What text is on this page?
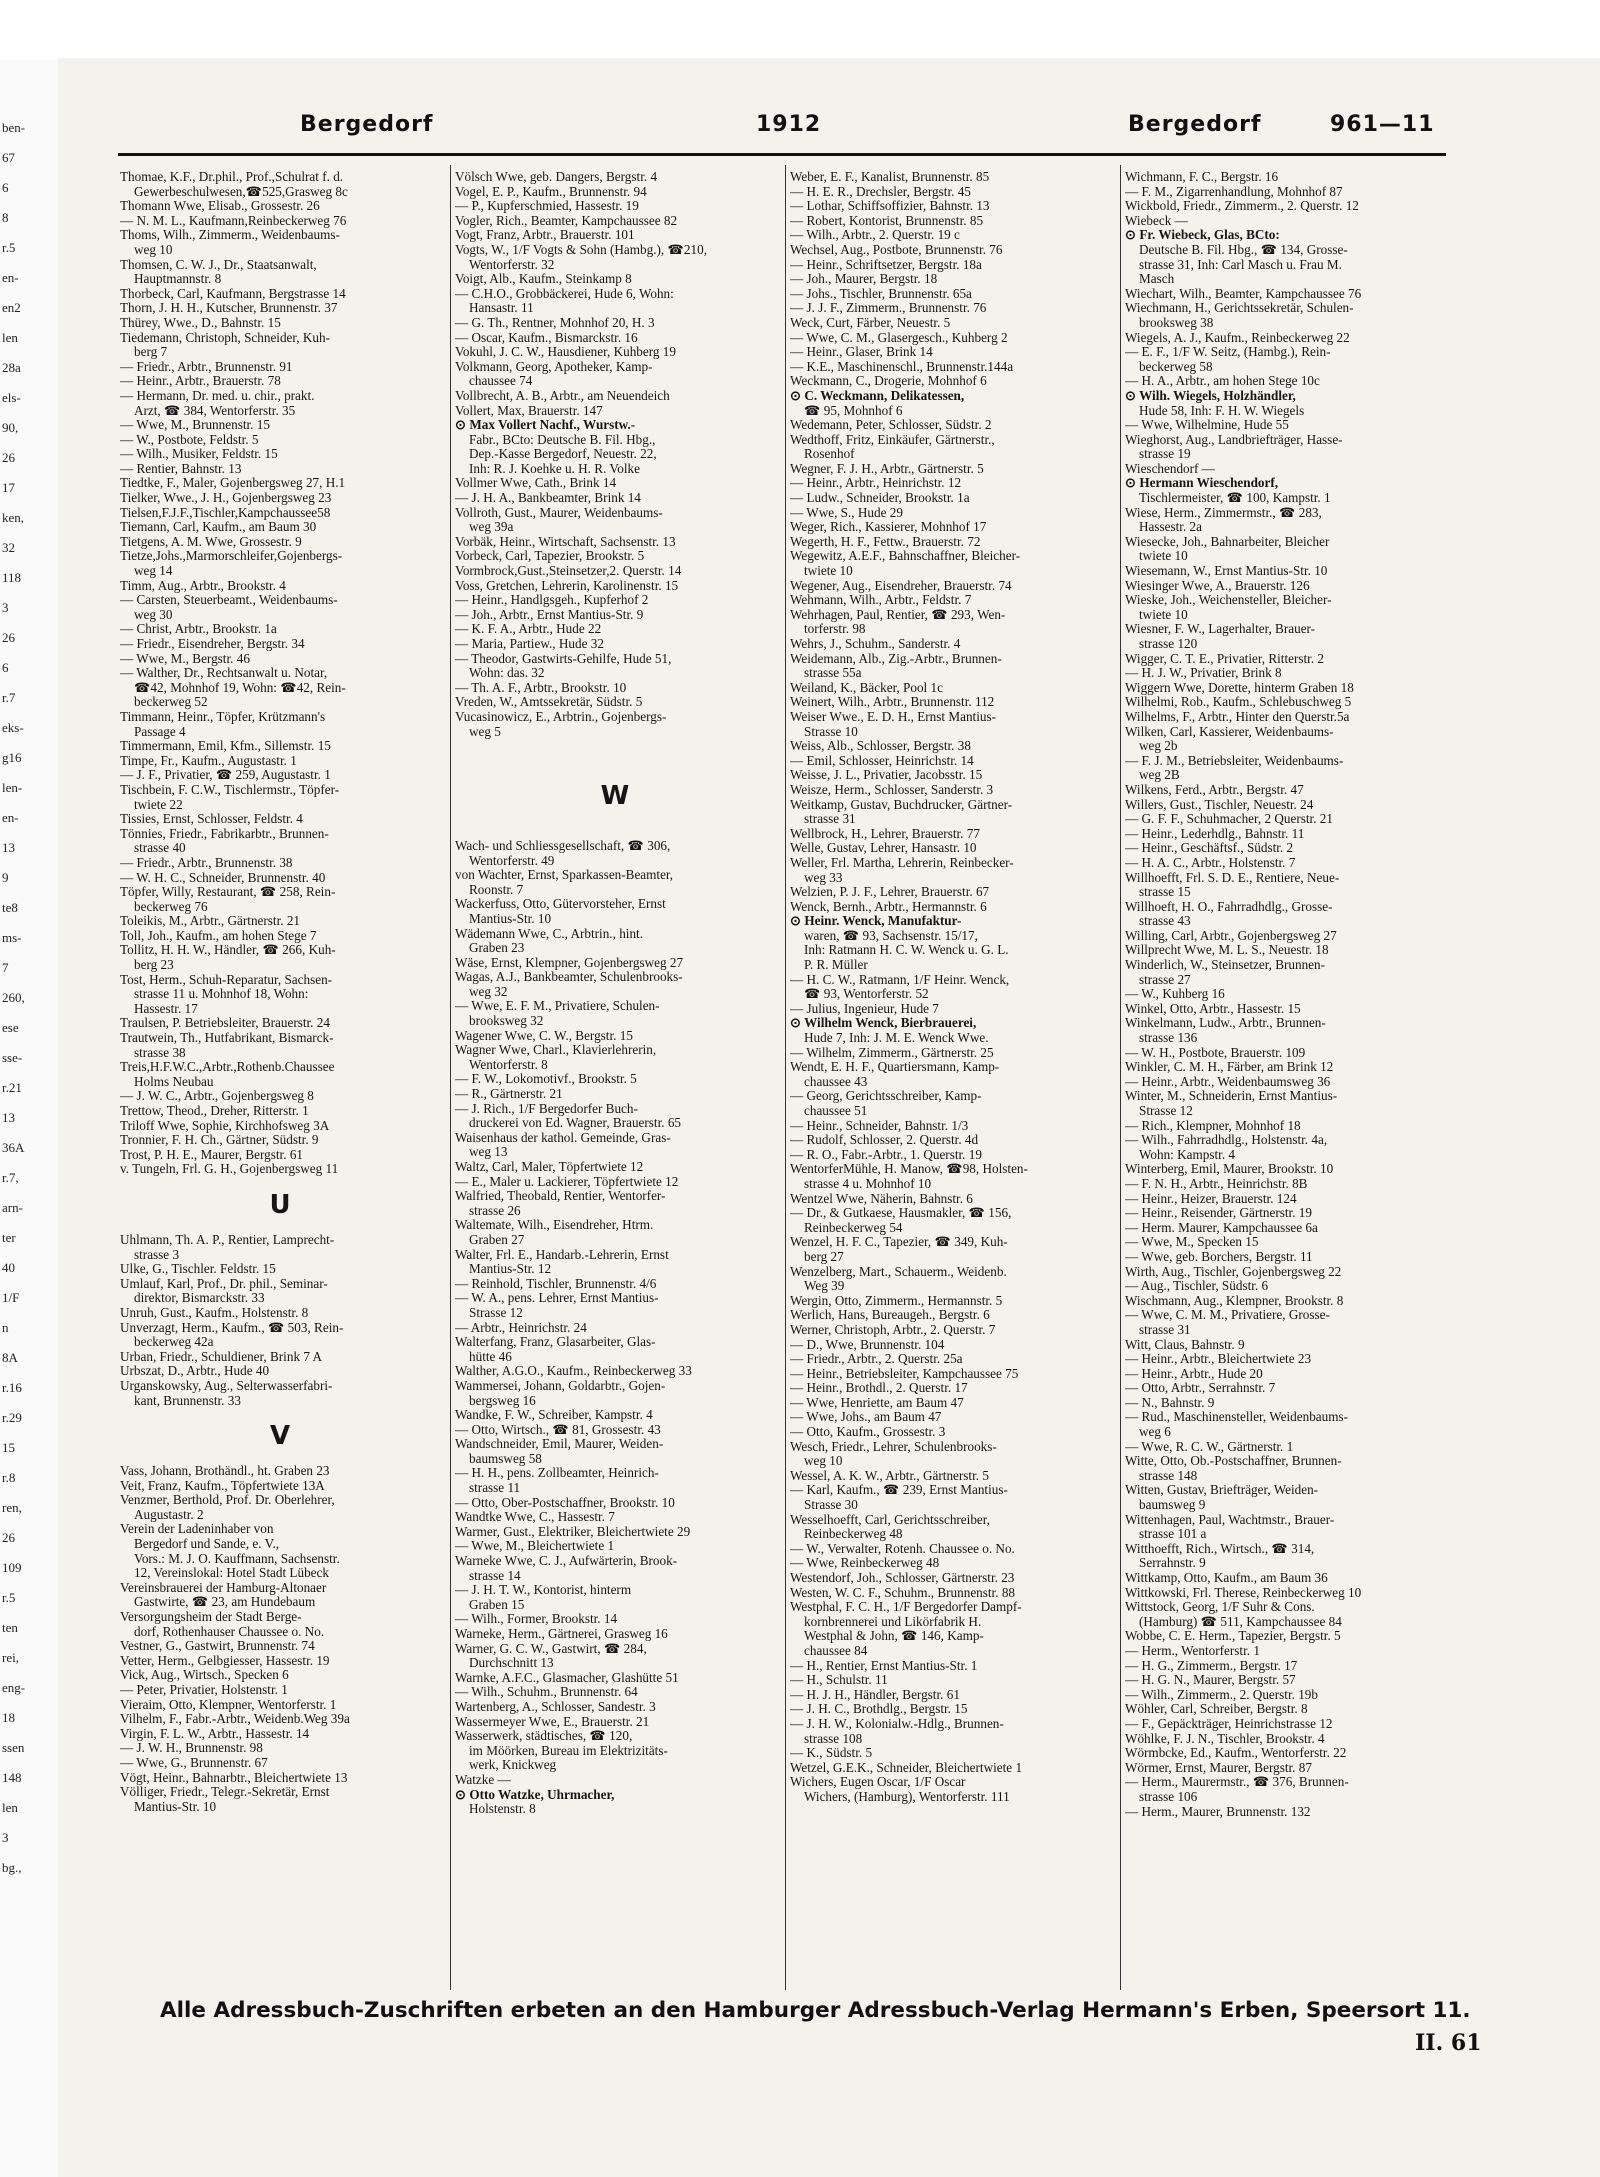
ben-
67
6
8
r.5
en-
en2
len
28a
els-
90,
26
17
ken,
32
118
3
26
6
r.7
eks-
g16
len-
en-
13
9
te8
ms-
7
260,
ese
sse-
r.21
13
36A
r.7,
arn-
ter
40
1/F
n
8A
r.16
r.29
15
r.8
ren,
26
109
r.5
ten
rei,
eng-
18
ssen
148
len
3
bg.,
Bergedorf	1912	Bergedorf	961—11
Thomae, K.F., Dr.phil., Prof.,Schulrat f. d.
Gewerbeschulwesen,☎525,Grasweg 8c
Thomann Wwe, Elisab., Grossestr. 26
— N. M. L., Kaufmann,Reinbeckerweg 76
Thoms, Wilh., Zimmerm., Weidenbaums-
weg 10
Thomsen, C. W. J., Dr., Staatsanwalt,
Hauptmannstr. 8
Thorbeck, Carl, Kaufmann, Bergstrasse 14
Thorn, J. H. H., Kutscher, Brunnenstr. 37
Thürey, Wwe., D., Bahnstr. 15
Tiedemann, Christoph, Schneider, Kuh-
berg 7
— Friedr., Arbtr., Brunnenstr. 91
— Heinr., Arbtr., Brauerstr. 78
— Hermann, Dr. med. u. chir., prakt.
Arzt, ☎ 384, Wentorferstr. 35
— Wwe, M., Brunnenstr. 15
— W., Postbote, Feldstr. 5
— Wilh., Musiker, Feldstr. 15
— Rentier, Bahnstr. 13
Tiedtke, F., Maler, Gojenbergsweg 27, H.1
Tielker, Wwe., J. H., Gojenbergsweg 23
Tielsen,F.J.F.,Tischler,Kampchaussee58
Tiemann, Carl, Kaufm., am Baum 30
Tietgens, A. M. Wwe, Grossestr. 9
Tietze,Johs.,Marmorschleifer,Gojenbergs-
weg 14
Timm, Aug., Arbtr., Brookstr. 4
— Carsten, Steuerbeamt., Weidenbaums-
weg 30
— Christ, Arbtr., Brookstr. 1a
— Friedr., Eisendreher, Bergstr. 34
— Wwe, M., Bergstr. 46
— Walther, Dr., Rechtsanwalt u. Notar,
☎42, Mohnhof 19, Wohn: ☎42, Rein-
beckerweg 52
Timmann, Heinr., Töpfer, Krützmann's
Passage 4
Timmermann, Emil, Kfm., Sillemstr. 15
Timpe, Fr., Kaufm., Augustastr. 1
— J. F., Privatier, ☎ 259, Augustastr. 1
Tischbein, F. C.W., Tischlermstr., Töpfer-
twiete 22
Tissies, Ernst, Schlosser, Feldstr. 4
Tönnies, Friedr., Fabrikarbtr., Brunnen-
strasse 40
— Friedr., Arbtr., Brunnenstr. 38
— W. H. C., Schneider, Brunnenstr. 40
Töpfer, Willy, Restaurant, ☎ 258, Rein-
beckerweg 76
Toleikis, M., Arbtr., Gärtnerstr. 21
Toll, Joh., Kaufm., am hohen Stege 7
Tollitz, H. H. W., Händler, ☎ 266, Kuh-
berg 23
Tost, Herm., Schuh-Reparatur, Sachsen-
strasse 11 u. Mohnhof 18, Wohn:
Hassestr. 17
Traulsen, P. Betriebsleiter, Brauerstr. 24
Trautwein, Th., Hutfabrikant, Bismarck-
strasse 38
Treis,H.F.W.C.,Arbtr.,Rothenb.Chaussee
Holms Neubau
— J. W. C., Arbtr., Gojenbergsweg 8
Trettow, Theod., Dreher, Ritterstr. 1
Triloff Wwe, Sophie, Kirchhofsweg 3A
Tronnier, F. H. Ch., Gärtner, Südstr. 9
Trost, P. H. E., Maurer, Bergstr. 61
v. Tungeln, Frl. G. H., Gojenbergsweg 11
U
Uhlmann, Th. A. P., Rentier, Lamprecht-
strasse 3
Ulke, G., Tischler. Feldstr. 15
Umlauf, Karl, Prof., Dr. phil., Seminar-
direktor, Bismarckstr. 33
Unruh, Gust., Kaufm., Holstenstr. 8
Unverzagt, Herm., Kaufm., ☎ 503, Rein-
beckerweg 42a
Urban, Friedr., Schuldiener, Brink 7 A
Urbszat, D., Arbtr., Hude 40
Urganskowsky, Aug., Selterwasserfabri-
kant, Brunnenstr. 33
V
Vass, Johann, Brothändl., ht. Graben 23
Veit, Franz, Kaufm., Töpfertwiete 13A
Venzmer, Berthold, Prof. Dr. Oberlehrer,
Augustastr. 2
Verein der Ladeninhaber von
Bergedorf und Sande, e. V.,
Vors.: M. J. O. Kauffmann, Sachsenstr.
12, Vereinslokal: Hotel Stadt Lübeck
Vereinsbrauerei der Hamburg-Altonaer
Gastwirte, ☎ 23, am Hundebaum
Versorgungsheim der Stadt Berge-
dorf, Rothenhauser Chaussee o. No.
Vestner, G., Gastwirt, Brunnenstr. 74
Vetter, Herm., Gelbgiesser, Hassestr. 19
Vick, Aug., Wirtsch., Specken 6
— Peter, Privatier, Holstenstr. 1
Vieraim, Otto, Klempner, Wentorferstr. 1
Vilhelm, F., Fabr.-Arbtr., Weidenb.Weg 39a
Virgin, F. L. W., Arbtr., Hassestr. 14
— J. W. H., Brunnenstr. 98
— Wwe, G., Brunnenstr. 67
Vögt, Heinr., Bahnarbtr., Bleichertwiete 13
Völliger, Friedr., Telegr.-Sekretär, Ernst
Mantius-Str. 10
Völsch Wwe, geb. Dangers, Bergstr. 4
Vogel, E. P., Kaufm., Brunnenstr. 94
— P., Kupferschmied, Hassestr. 19
Vogler, Rich., Beamter, Kampchaussee 82
Vogt, Franz, Arbtr., Brauerstr. 101
Vogts, W., 1/F Vogts & Sohn (Hambg.), ☎210,
Wentorferstr. 32
Voigt, Alb., Kaufm., Steinkamp 8
— C.H.O., Grobbäckerei, Hude 6, Wohn:
Hansastr. 11
— G. Th., Rentner, Mohnhof 20, H. 3
— Oscar, Kaufm., Bismarckstr. 16
Vokuhl, J. C. W., Hausdiener, Kuhberg 19
Volkmann, Georg, Apotheker, Kamp-
chaussee 74
Vollbrecht, A. B., Arbtr., am Neuendeich
Vollert, Max, Brauerstr. 147
⊙ Max Vollert Nachf., Wurstw.-
Fabr., BCto: Deutsche B. Fil. Hbg.,
Dep.-Kasse Bergedorf, Neuestr. 22,
Inh: R. J. Koehke u. H. R. Volke
Vollmer Wwe, Cath., Brink 14
— J. H. A., Bankbeamter, Brink 14
Vollroth, Gust., Maurer, Weidenbaums-
weg 39a
Vorbäk, Heinr., Wirtschaft, Sachsenstr. 13
Vorbeck, Carl, Tapezier, Brookstr. 5
Vormbrock,Gust.,Steinsetzer,2. Querstr. 14
Voss, Gretchen, Lehrerin, Karolinenstr. 15
— Heinr., Handlgsgeh., Kupferhof 2
— Joh., Arbtr., Ernst Mantius-Str. 9
— K. F. A., Arbtr., Hude 22
— Maria, Partiew., Hude 32
— Theodor, Gastwirts-Gehilfe, Hude 51,
Wohn: das. 32
— Th. A. F., Arbtr., Brookstr. 10
Vreden, W., Amtssekretär, Südstr. 5
Vucasinowicz, E., Arbtrin., Gojenbergs-
weg 5

W

Wach- und Schliessgesellschaft, ☎ 306,
Wentorferstr. 49
von Wachter, Ernst, Sparkassen-Beamter,
Roonstr. 7
Wackerfuss, Otto, Gütervorsteher, Ernst
Mantius-Str. 10
Wädemann Wwe, C., Arbtrin., hint.
Graben 23
Wäse, Ernst, Klempner, Gojenbergsweg 27
Wagas, A.J., Bankbeamter, Schulenbrooks-
weg 32
— Wwe, E. F. M., Privatiere, Schulen-
brooksweg 32
Wagener Wwe, C. W., Bergstr. 15
Wagner Wwe, Charl., Klavierlehrerin,
Wentorferstr. 8
— F. W., Lokomotivf., Brookstr. 5
— R., Gärtnerstr. 21
— J. Rich., 1/F Bergedorfer Buch-
druckerei von Ed. Wagner, Brauerstr. 65
Waisenhaus der kathol. Gemeinde, Gras-
weg 13
Waltz, Carl, Maler, Töpfertwiete 12
— E., Maler u. Lackierer, Töpfertwiete 12
Walfried, Theobald, Rentier, Wentorfer-
strasse 26
Waltemate, Wilh., Eisendreher, Htrm.
Graben 27
Walter, Frl. E., Handarb.-Lehrerin, Ernst
Mantius-Str. 12
— Reinhold, Tischler, Brunnenstr. 4/6
— W. A., pens. Lehrer, Ernst Mantius-
Strasse 12
— Arbtr., Heinrichstr. 24
Walterfang, Franz, Glasarbeiter, Glas-
hütte 46
Walther, A.G.O., Kaufm., Reinbeckerweg 33
Wammersei, Johann, Goldarbtr., Gojen-
bergsweg 16
Wandke, F. W., Schreiber, Kampstr. 4
— Otto, Wirtsch., ☎ 81, Grossestr. 43
Wandschneider, Emil, Maurer, Weiden-
baumsweg 58
— H. H., pens. Zollbeamter, Heinrich-
strasse 11
— Otto, Ober-Postschaffner, Brookstr. 10
Wandtke Wwe, C., Hassestr. 7
Warmer, Gust., Elektriker, Bleichertwiete 29
— Wwe, M., Bleichertwiete 1
Warneke Wwe, C. J., Aufwärterin, Brook-
strasse 14
— J. H. T. W., Kontorist, hinterm
Graben 15
— Wilh., Former, Brookstr. 14
Warneke, Herm., Gärtnerei, Grasweg 16
Warner, G. C. W., Gastwirt, ☎ 284,
Durchschnitt 13
Warnke, A.F.C., Glasmacher, Glashütte 51
— Wilh., Schuhm., Brunnenstr. 64
Wartenberg, A., Schlosser, Sandestr. 3
Wassermeyer Wwe, E., Brauerstr. 21
Wasserwerk, städtisches, ☎ 120,
im Möörken, Bureau im Elektrizitäts-
werk, Knickweg
Watzke —
⊙ Otto Watzke, Uhrmacher,
Holstenstr. 8
Weber, E. F., Kanalist, Brunnenstr. 85
— H. E. R., Drechsler, Bergstr. 45
— Lothar, Schiffsoffizier, Bahnstr. 13
— Robert, Kontorist, Brunnenstr. 85
— Wilh., Arbtr., 2. Querstr. 19 c
Wechsel, Aug., Postbote, Brunnenstr. 76
— Heinr., Schriftsetzer, Bergstr. 18a
— Joh., Maurer, Bergstr. 18
— Johs., Tischler, Brunnenstr. 65a
— J. J. F., Zimmerm., Brunnenstr. 76
Weck, Curt, Färber, Neuestr. 5
— Wwe, C. M., Glasergesch., Kuhberg 2
— Heinr., Glaser, Brink 14
— K.E., Maschinenschl., Brunnenstr.144a
Weckmann, C., Drogerie, Mohnhof 6
⊙ C. Weckmann, Delikatessen,
☎ 95, Mohnhof 6
Wedemann, Peter, Schlosser, Südstr. 2
Wedthoff, Fritz, Einkäufer, Gärtnerstr.,
Rosenhof
Wegner, F. J. H., Arbtr., Gärtnerstr. 5
— Heinr., Arbtr., Heinrichstr. 12
— Ludw., Schneider, Brookstr. 1a
— Wwe, S., Hude 29
Weger, Rich., Kassierer, Mohnhof 17
Wegerth, H. F., Fettw., Brauerstr. 72
Wegewitz, A.E.F., Bahnschaffner, Bleicher-
twiete 10
Wegener, Aug., Eisendreher, Brauerstr. 74
Wehmann, Wilh., Arbtr., Feldstr. 7
Wehrhagen, Paul, Rentier, ☎ 293, Wen-
torferstr. 98
Wehrs, J., Schuhm., Sanderstr. 4
Weidemann, Alb., Zig.-Arbtr., Brunnen-
strasse 55a
Weiland, K., Bäcker, Pool 1c
Weinert, Wilh., Arbtr., Brunnenstr. 112
Weiser Wwe., E. D. H., Ernst Mantius-
Strasse 10
Weiss, Alb., Schlosser, Bergstr. 38
— Emil, Schlosser, Heinrichstr. 14
Weisse, J. L., Privatier, Jacobsstr. 15
Weisze, Herm., Schlosser, Sanderstr. 3
Weitkamp, Gustav, Buchdrucker, Gärtner-
strasse 31
Wellbrock, H., Lehrer, Brauerstr. 77
Welle, Gustav, Lehrer, Hansastr. 10
Weller, Frl. Martha, Lehrerin, Reinbecker-
weg 33
Welzien, P. J. F., Lehrer, Brauerstr. 67
Wenck, Bernh., Arbtr., Hermannstr. 6
⊙ Heinr. Wenck, Manufaktur-
waren, ☎ 93, Sachsenstr. 15/17,
Inh: Ratmann H. C. W. Wenck u. G. L.
P. R. Müller
— H. C. W., Ratmann, 1/F Heinr. Wenck,
☎ 93, Wentorferstr. 52
— Julius, Ingenieur, Hude 7
⊙ Wilhelm Wenck, Bierbrauerei,
Hude 7, Inh: J. M. E. Wenck Wwe.
— Wilhelm, Zimmerm., Gärtnerstr. 25
Wendt, E. H. F., Quartiersmann, Kamp-
chaussee 43
— Georg, Gerichtsschreiber, Kamp-
chaussee 51
— Heinr., Schneider, Bahnstr. 1/3
— Rudolf, Schlosser, 2. Querstr. 4d
— R. O., Fabr.-Arbtr., 1. Querstr. 19
WentorferMühle, H. Manow, ☎98, Holsten-
strasse 4 u. Mohnhof 10
Wentzel Wwe, Näherin, Bahnstr. 6
— Dr., & Gutkaese, Hausmakler, ☎ 156,
Reinbeckerweg 54
Wenzel, H. F. C., Tapezier, ☎ 349, Kuh-
berg 27
Wenzelberg, Mart., Schauerm., Weidenb.
Weg 39
Wergin, Otto, Zimmerm., Hermannstr. 5
Werlich, Hans, Bureaugeh., Bergstr. 6
Werner, Christoph, Arbtr., 2. Querstr. 7
— D., Wwe, Brunnenstr. 104
— Friedr., Arbtr., 2. Querstr. 25a
— Heinr., Betriebsleiter, Kampchaussee 75
— Heinr., Brothdl., 2. Querstr. 17
— Wwe, Henriette, am Baum 47
— Wwe, Johs., am Baum 47
— Otto, Kaufm., Grossestr. 3
Wesch, Friedr., Lehrer, Schulenbrooks-
weg 10
Wessel, A. K. W., Arbtr., Gärtnerstr. 5
— Karl, Kaufm., ☎ 239, Ernst Mantius-
Strasse 30
Wesselhoefft, Carl, Gerichtsschreiber,
Reinbeckerweg 48
— W., Verwalter, Rotenh. Chaussee o. No.
— Wwe, Reinbeckerweg 48
Westendorf, Joh., Schlosser, Gärtnerstr. 23
Westen, W. C. F., Schuhm., Brunnenstr. 88
Westphal, F. C. H., 1/F Bergedorfer Dampf-
kornbrennerei und Likörfabrik H.
Westphal & John, ☎ 146, Kamp-
chaussee 84
— H., Rentier, Ernst Mantius-Str. 1
— H., Schulstr. 11
— H. J. H., Händler, Bergstr. 61
— J. H. C., Brothdlg., Bergstr. 15
— J. H. W., Kolonialw.-Hdlg., Brunnen-
strasse 108
— K., Südstr. 5
Wetzel, G.E.K., Schneider, Bleichertwiete 1
Wichers, Eugen Oscar, 1/F Oscar
Wichers, (Hamburg), Wentorferstr. 111
Wichmann, F. C., Bergstr. 16
— F. M., Zigarrenhandlung, Mohnhof 87
Wickbold, Friedr., Zimmerm., 2. Querstr. 12
Wiebeck —
⊙ Fr. Wiebeck, Glas, BCto:
Deutsche B. Fil. Hbg., ☎ 134, Grosse-
strasse 31, Inh: Carl Masch u. Frau M.
Masch
Wiechart, Wilh., Beamter, Kampchaussee 76
Wiechmann, H., Gerichtssekretär, Schulen-
brooksweg 38
Wiegels, A. J., Kaufm., Reinbeckerweg 22
— E. F., 1/F W. Seitz, (Hambg.), Rein-
beckerweg 58
— H. A., Arbtr., am hohen Stege 10c
⊙ Wilh. Wiegels, Holzhändler,
Hude 58, Inh: F. H. W. Wiegels
— Wwe, Wilhelmine, Hude 55
Wieghorst, Aug., Landbriefträger, Hasse-
strasse 19
Wieschendorf —
⊙ Hermann Wieschendorf,
Tischlermeister, ☎ 100, Kampstr. 1
Wiese, Herm., Zimmermstr., ☎ 283,
Hassestr. 2a
Wiesecke, Joh., Bahnarbeiter, Bleicher
twiete 10
Wiesemann, W., Ernst Mantius-Str. 10
Wiesinger Wwe, A., Brauerstr. 126
Wieske, Joh., Weichensteller, Bleicher-
twiete 10
Wiesner, F. W., Lagerhalter, Brauer-
strasse 120
Wigger, C. T. E., Privatier, Ritterstr. 2
— H. J. W., Privatier, Brink 8
Wiggern Wwe, Dorette, hinterm Graben 18
Wilhelmi, Rob., Kaufm., Schlebuschweg 5
Wilhelms, F., Arbtr., Hinter den Querstr.5a
Wilken, Carl, Kassierer, Weidenbaums-
weg 2b
— F. J. M., Betriebsleiter, Weidenbaums-
weg 2B
Wilkens, Ferd., Arbtr., Bergstr. 47
Willers, Gust., Tischler, Neuestr. 24
— G. F. F., Schuhmacher, 2 Querstr. 21
— Heinr., Lederhdlg., Bahnstr. 11
— Heinr., Geschäftsf., Südstr. 2
— H. A. C., Arbtr., Holstenstr. 7
Willhoefft, Frl. S. D. E., Rentiere, Neue-
strasse 15
Willhoeft, H. O., Fahrradhdlg., Grosse-
strasse 43
Willing, Carl, Arbtr., Gojenbergsweg 27
Willprecht Wwe, M. L. S., Neuestr. 18
Winderlich, W., Steinsetzer, Brunnen-
strasse 27
— W., Kuhberg 16
Winkel, Otto, Arbtr., Hassestr. 15
Winkelmann, Ludw., Arbtr., Brunnen-
strasse 136
— W. H., Postbote, Brauerstr. 109
Winkler, C. M. H., Färber, am Brink 12
— Heinr., Arbtr., Weidenbaumsweg 36
Winter, M., Schneiderin, Ernst Mantius-
Strasse 12
— Rich., Klempner, Mohnhof 18
— Wilh., Fahrradhdlg., Holstenstr. 4a,
Wohn: Kampstr. 4
Winterberg, Emil, Maurer, Brookstr. 10
— F. N. H., Arbtr., Heinrichstr. 8B
— Heinr., Heizer, Brauerstr. 124
— Heinr., Reisender, Gärtnerstr. 19
— Herm. Maurer, Kampchaussee 6a
— Wwe, M., Specken 15
— Wwe, geb. Borchers, Bergstr. 11
Wirth, Aug., Tischler, Gojenbergsweg 22
— Aug., Tischler, Südstr. 6
Wischmann, Aug., Klempner, Brookstr. 8
— Wwe, C. M. M., Privatiere, Grosse-
strasse 31
Witt, Claus, Bahnstr. 9
— Heinr., Arbtr., Bleichertwiete 23
— Heinr., Arbtr., Hude 20
— Otto, Arbtr., Serrahnstr. 7
— N., Bahnstr. 9
— Rud., Maschinensteller, Weidenbaums-
weg 6
— Wwe, R. C. W., Gärtnerstr. 1
Witte, Otto, Ob.-Postschaffner, Brunnen-
strasse 148
Witten, Gustav, Briefträger, Weiden-
baumsweg 9
Wittenhagen, Paul, Wachtmstr., Brauer-
strasse 101 a
Witthoefft, Rich., Wirtsch., ☎ 314,
Serrahnstr. 9
Wittkamp, Otto, Kaufm., am Baum 36
Wittkowski, Frl. Therese, Reinbeckerweg 10
Wittstock, Georg, 1/F Suhr & Cons.
(Hamburg) ☎ 511, Kampchaussee 84
Wobbe, C. E. Herm., Tapezier, Bergstr. 5
— Herm., Wentorferstr. 1
— H. G., Zimmerm., Bergstr. 17
— H. G. N., Maurer, Bergstr. 57
— Wilh., Zimmerm., 2. Querstr. 19b
Wöhler, Carl, Schreiber, Bergstr. 8
— F., Gepäckträger, Heinrichstrasse 12
Wöhlke, F. J. N., Tischler, Brookstr. 4
Wörmbcke, Ed., Kaufm., Wentorferstr. 22
Wörmer, Ernst, Maurer, Bergstr. 87
— Herm., Maurermstr., ☎ 376, Brunnen-
strasse 106
— Herm., Maurer, Brunnenstr. 132
Alle Adressbuch-Zuschriften erbeten an den Hamburger Adressbuch-Verlag Hermann's Erben, Speersort 11.
II. 61
